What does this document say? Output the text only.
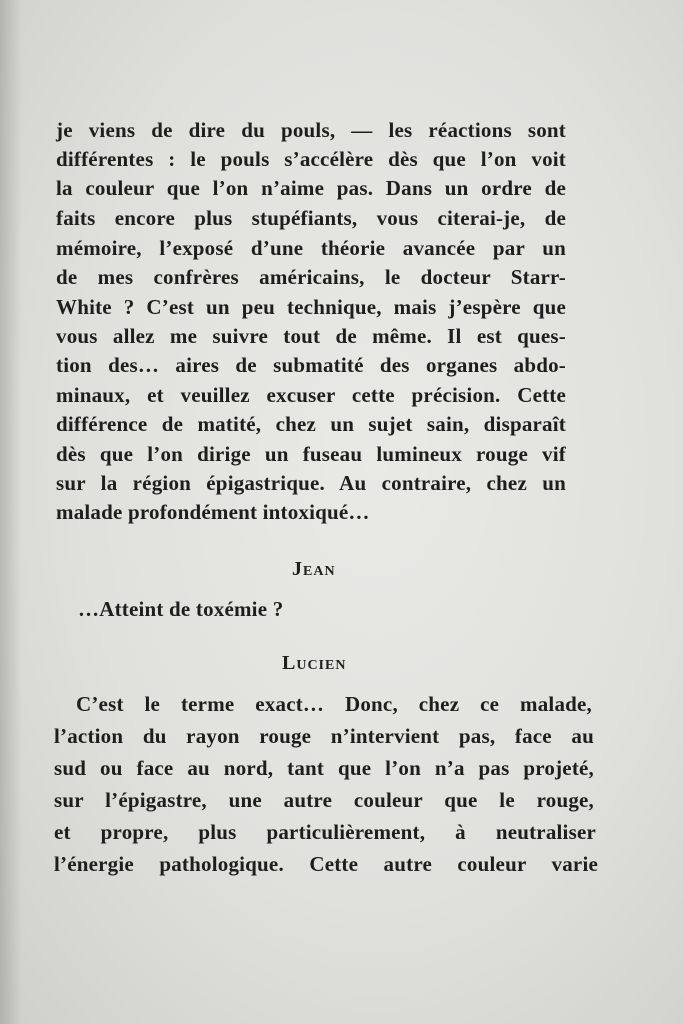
je viens de dire du pouls, — les réactions sont
différentes : le pouls s’accélère dès que l’on voit
la couleur que l’on n’aime pas. Dans un ordre de
faits encore plus stupéfiants, vous citerai-je, de
mémoire, l’exposé d’une théorie avancée par un
de mes confrères américains, le docteur Starr-
White ? C’est un peu technique, mais j’espère que
vous allez me suivre tout de même. Il est ques-
tion des… aires de submatité des organes abdo-
minaux, et veuillez excuser cette précision. Cette
différence de matité, chez un sujet sain, disparaît
dès que l’on dirige un fuseau lumineux rouge vif
sur la région épigastrique. Au contraire, chez un
malade profondément intoxiqué…
Jean
…Atteint de toxémie ?
Lucien
C’est le terme exact… Donc, chez ce malade,
l’action du rayon rouge n’intervient pas, face au
sud ou face au nord, tant que l’on n’a pas projeté,
sur l’épigastre, une autre couleur que le rouge,
et propre, plus particulièrement, à neutraliser
l’énergie pathologique. Cette autre couleur varie
